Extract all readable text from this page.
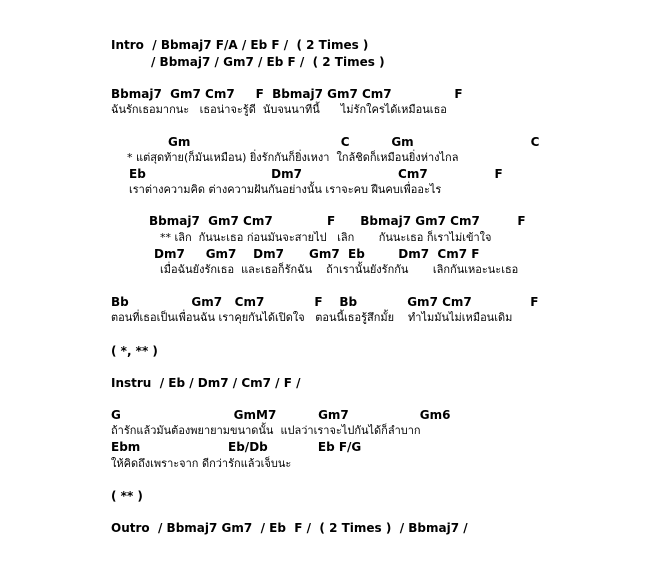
Intro  / Bbmaj7 F/A / Eb F /  ( 2 Times )
/ Bbmaj7 / Gm7 / Eb F /  ( 2 Times )
Bbmaj7  Gm7 Cm7     F  Bbmaj7 Gm7 Cm7               F
ฉันรักเธอมากนะ   เธอน่าจะรู้ดี  นับจนนาทีนี้      ไม่รักใครได้เหมือนเธอ
Gm                                    C          Gm                            C
* แต่สุดท้าย(ก็มันเหมือน) ยิ่งรักกันก็ยิ่งเหงา  ใกล้ชิดก็เหมือนยิ่งห่างไกล
Eb                              Dm7                       Cm7                F
เราต่างความคิด ต่างความฝันกันอย่างนั้น เราจะคบ ฝืนคบเพื่ออะไร
Bbmaj7  Gm7 Cm7             F      Bbmaj7 Gm7 Cm7         F
** เลิก  กันนะเธอ ก่อนมันจะสายไป   เลิก       กันนะเธอ ก็เราไม่เข้าใจ
Dm7     Gm7    Dm7      Gm7  Eb        Dm7  Cm7 F
เมื่อฉันยังรักเธอ  และเธอก็รักฉัน    ถ้าเรานั้นยังรักกัน       เลิกกันเหอะนะเธอ
Bb               Gm7   Cm7            F    Bb            Gm7 Cm7              F
ตอนที่เธอเป็นเพื่อนฉัน เราคุยกันได้เปิดใจ   ตอนนี้เธอรู้สึกมั้ย    ทำไมมันไม่เหมือนเดิม
( *, ** )
Instru  / Eb / Dm7 / Cm7 / F /
G                           GmM7          Gm7                 Gm6
ถ้ารักแล้วมันต้องพยายามขนาดนั้น  แปลว่าเราจะไปกันได้ก็ลำบาก
Ebm                     Eb/Db            Eb F/G
ให้คิดถึงเพราะจาก ดีกว่ารักแล้วเจ็บนะ
( ** )
Outro  / Bbmaj7 Gm7  / Eb  F /  ( 2 Times )  / Bbmaj7 /
